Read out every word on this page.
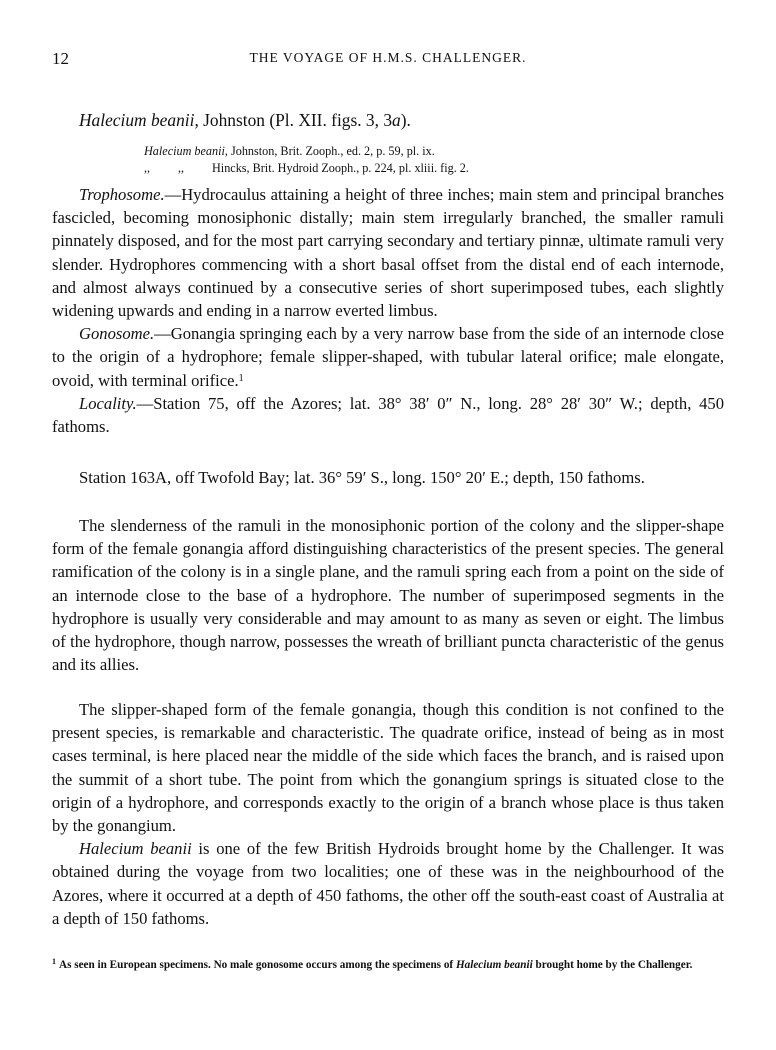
12	THE VOYAGE OF H.M.S. CHALLENGER.
Halecium beanii, Johnston (Pl. XII. figs. 3, 3a).
Halecium beanii, Johnston, Brit. Zooph., ed. 2, p. 59, pl. ix.
,, ,, Hincks, Brit. Hydroid Zooph., p. 224, pl. xliii. fig. 2.

Trophosome.—Hydrocaulus attaining a height of three inches; main stem and principal branches fascicled, becoming monosiphonic distally; main stem irregularly branched, the smaller ramuli pinnately disposed, and for the most part carrying secondary and tertiary pinnæ, ultimate ramuli very slender. Hydrophores commencing with a short basal offset from the distal end of each internode, and almost always continued by a consecutive series of short superimposed tubes, each slightly widening upwards and ending in a narrow everted limbus.

Gonosome.—Gonangia springing each by a very narrow base from the side of an internode close to the origin of a hydrophore; female slipper-shaped, with tubular lateral orifice; male elongate, ovoid, with terminal orifice.$^1$

Locality.—Station 75, off the Azores; lat. 38° 38′ 0″ N., long. 28° 28′ 30″ W.; depth, 450 fathoms.

Station 163A, off Twofold Bay; lat. 36° 59′ S., long. 150° 20′ E.; depth, 150 fathoms.

The slenderness of the ramuli in the monosiphonic portion of the colony and the slipper-shape form of the female gonangia afford distinguishing characteristics of the present species. The general ramification of the colony is in a single plane, and the ramuli spring each from a point on the side of an internode close to the base of a hydrophore. The number of superimposed segments in the hydrophore is usually very considerable and may amount to as many as seven or eight. The limbus of the hydrophore, though narrow, possesses the wreath of brilliant puncta characteristic of the genus and its allies.

The slipper-shaped form of the female gonangia, though this condition is not confined to the present species, is remarkable and characteristic. The quadrate orifice, instead of being as in most cases terminal, is here placed near the middle of the side which faces the branch, and is raised upon the summit of a short tube. The point from which the gonangium springs is situated close to the origin of a hydrophore, and corresponds exactly to the origin of a branch whose place is thus taken by the gonangium.

Halecium beanii is one of the few British Hydroids brought home by the Challenger. It was obtained during the voyage from two localities; one of these was in the neighbourhood of the Azores, where it occurred at a depth of 450 fathoms, the other off the south-east coast of Australia at a depth of 150 fathoms.

$^1$ As seen in European specimens. No male gonosome occurs among the specimens of Halecium beanii brought home by the Challenger.
